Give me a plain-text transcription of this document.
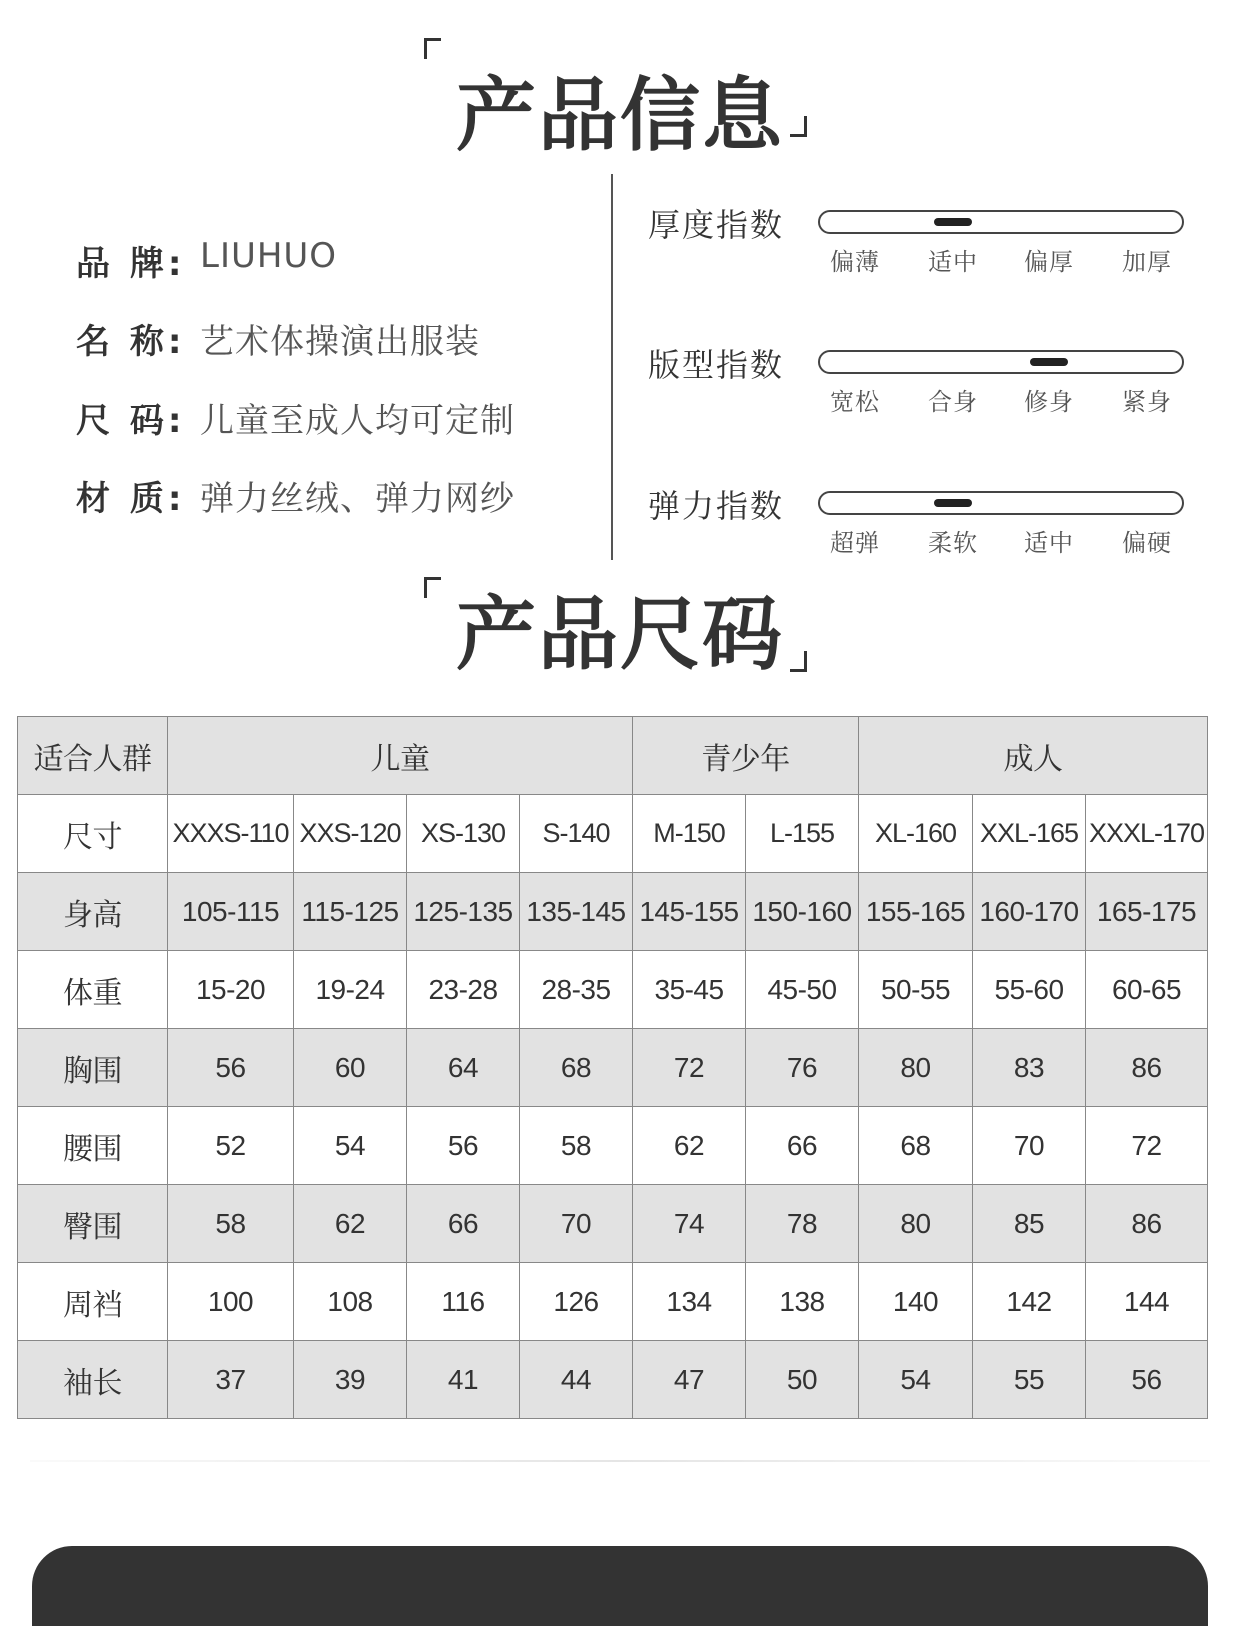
产品信息
品 牌: LIUHUO
名 称: 艺术体操演出服装
尺 码: 儿童至成人均可定制
材 质: 弹力丝绒、弹力网纱
厚度指数
偏薄	适中	偏厚	加厚
版型指数
宽松	合身	修身	紧身
弹力指数
超弹	柔软	适中	偏硬
产品尺码
适合人群	儿童				青少年		成人		
尺寸	XXXS-110	XXS-120	XS-130	S-140	M-150	L-155	XL-160	XXL-165	XXXL-170
身高	105-115	115-125	125-135	135-145	145-155	150-160	155-165	160-170	165-175
体重	15-20	19-24	23-28	28-35	35-45	45-50	50-55	55-60	60-65
胸围	56	60	64	68	72	76	80	83	86
腰围	52	54	56	58	62	66	68	70	72
臀围	58	62	66	70	74	78	80	85	86
周裆	100	108	116	126	134	138	140	142	144
袖长	37	39	41	44	47	50	54	55	56
